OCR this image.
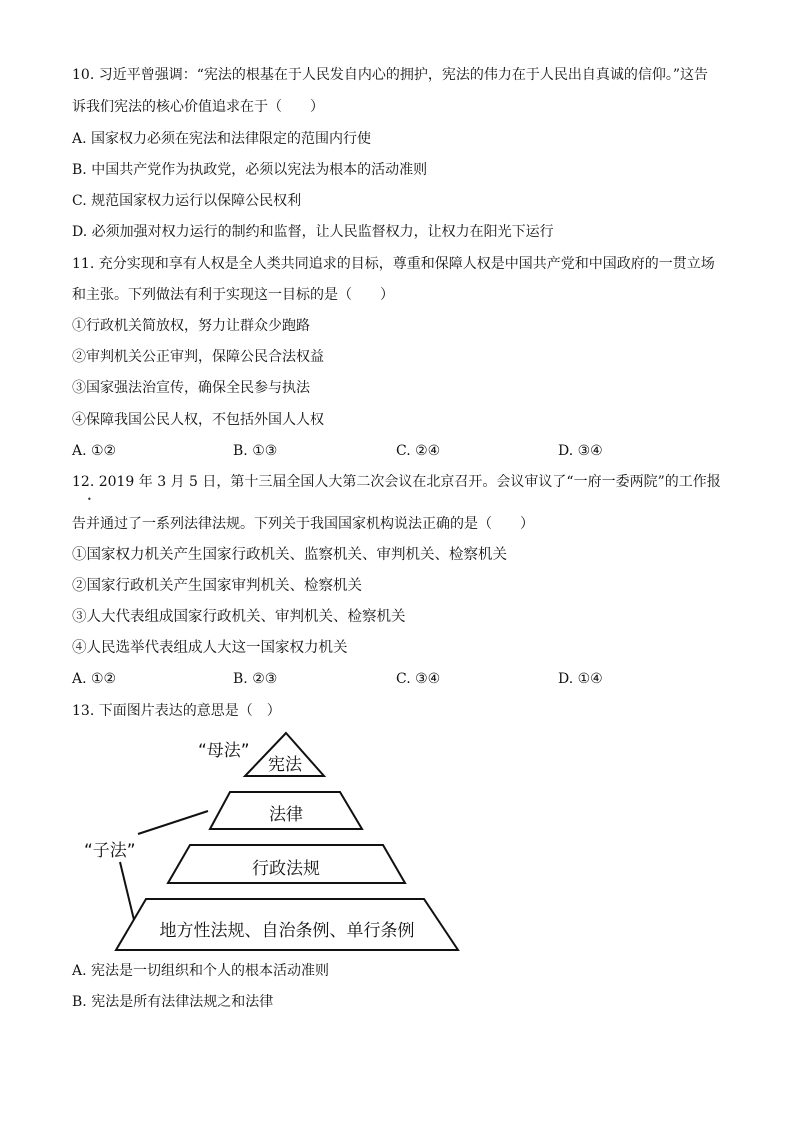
10. 习近平曾强调：“宪法的根基在于人民发自内心的拥护，宪法的伟力在于人民出自真诚的信仰。”这告
诉我们宪法的核心价值追求在于（　　）
A. 国家权力必须在宪法和法律限定的范围内行使
B. 中国共产党作为执政党，必须以宪法为根本的活动准则
C. 规范国家权力运行以保障公民权利
D. 必须加强对权力运行的制约和监督，让人民监督权力，让权力在阳光下运行
11. 充分实现和享有人权是全人类共同追求的目标，尊重和保障人权是中国共产党和中国政府的一贯立场
和主张。下列做法有利于实现这一目标的是（　　）
①行政机关简放权，努力让群众少跑路
②审判机关公正审判，保障公民合法权益
③国家强法治宣传，确保全民参与执法
④保障我国公民人权，不包括外国人人权
A. ①②	B. ①③	C. ②④	D. ③④
12. 2019 年 3 月 5 日，第十三届全国人大第二次会议在北京召开。会议审议了“一府一委两院”的工作报
•
告并通过了一系列法律法规。下列关于我国国家机构说法正确的是（　　）
①国家权力机关产生国家行政机关、监察机关、审判机关、检察机关
②国家行政机关产生国家审判机关、检察机关
③人大代表组成国家行政机关、审判机关、检察机关
④人民选举代表组成人大这一国家权力机关
A. ①②	B. ②③	C. ③④	D. ①④
13. 下面图片表达的意思是（　）
宪法
法律
行政法规
地方性法规、自治条例、单行条例
“母法”
“子法”
A. 宪法是一切组织和个人的根本活动准则
B. 宪法是所有法律法规之和法律
